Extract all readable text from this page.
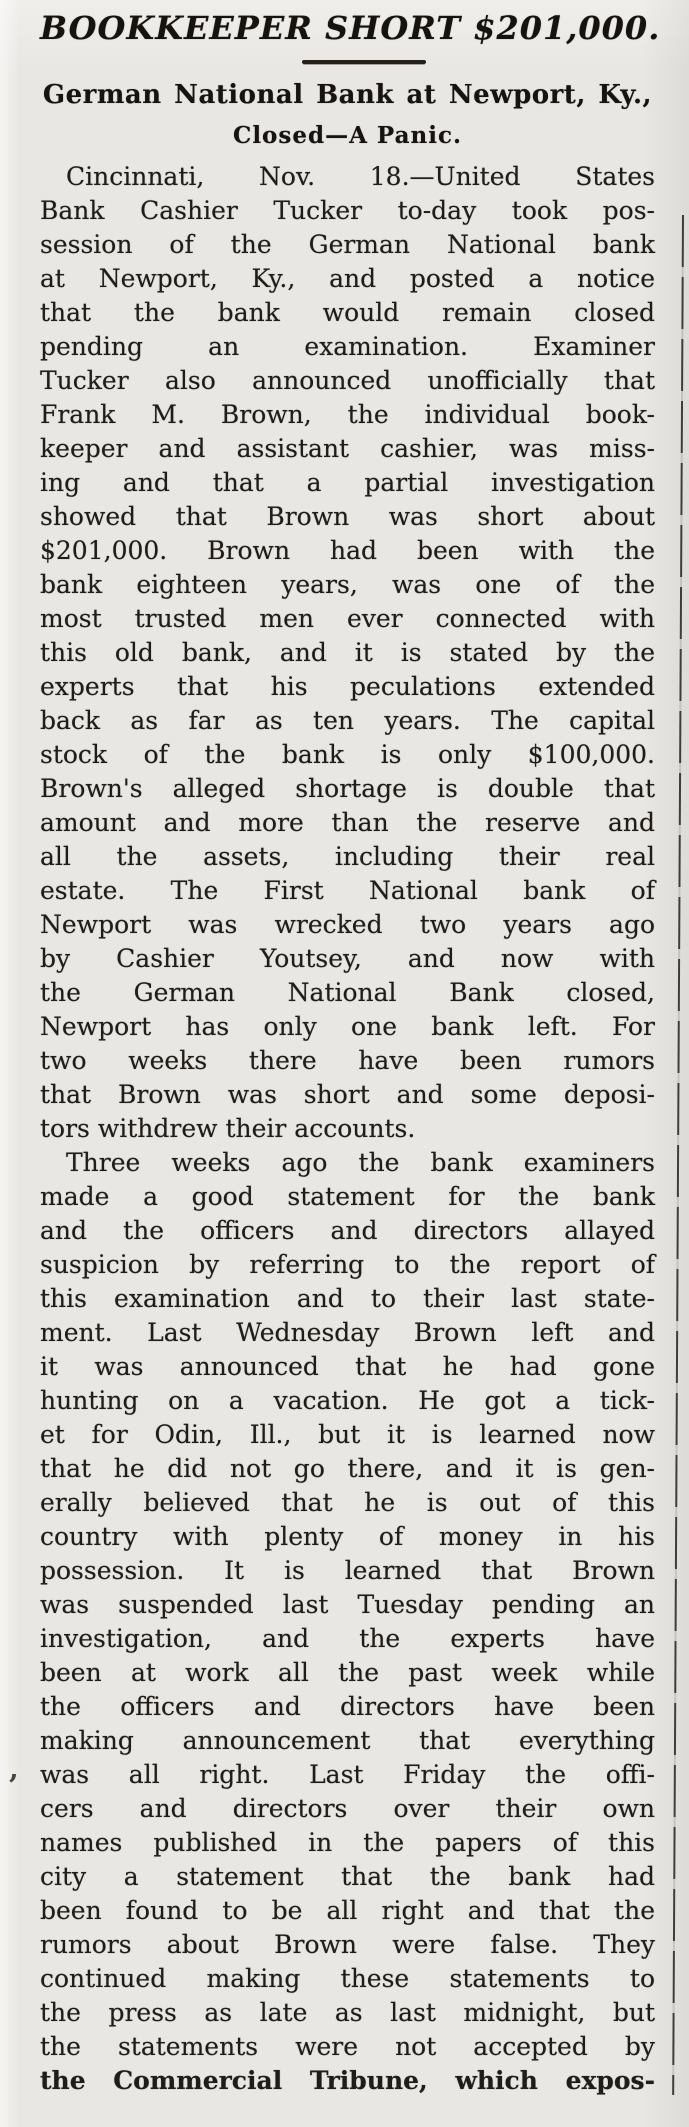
BOOKKEEPER SHORT $201,000.
German National Bank at Newport, Ky.,
Closed—A Panic.
Cincinnati, Nov. 18.—United States
Bank Cashier Tucker to-day took pos-
session of the German National bank
at Newport, Ky., and posted a notice
that the bank would remain closed
pending an examination. Examiner
Tucker also announced unofficially that
Frank M. Brown, the individual book-
keeper and assistant cashier, was miss-
ing and that a partial investigation
showed that Brown was short about
$201,000. Brown had been with the
bank eighteen years, was one of the
most trusted men ever connected with
this old bank, and it is stated by the
experts that his peculations extended
back as far as ten years. The capital
stock of the bank is only $100,000.
Brown's alleged shortage is double that
amount and more than the reserve and
all the assets, including their real
estate. The First National bank of
Newport was wrecked two years ago
by Cashier Youtsey, and now with
the German National Bank closed,
Newport has only one bank left. For
two weeks there have been rumors
that Brown was short and some deposi-
tors withdrew their accounts.
Three weeks ago the bank examiners
made a good statement for the bank
and the officers and directors allayed
suspicion by referring to the report of
this examination and to their last state-
ment. Last Wednesday Brown left and
it was announced that he had gone
hunting on a vacation. He got a tick-
et for Odin, Ill., but it is learned now
that he did not go there, and it is gen-
erally believed that he is out of this
country with plenty of money in his
possession. It is learned that Brown
was suspended last Tuesday pending an
investigation, and the experts have
been at work all the past week while
the officers and directors have been
making announcement that everything
was all right. Last Friday the offi-
cers and directors over their own
names published in the papers of this
city a statement that the bank had
been found to be all right and that the
rumors about Brown were false. They
continued making these statements to
the press as late as last midnight, but
the statements were not accepted by
the Commercial Tribune, which expos-
’
